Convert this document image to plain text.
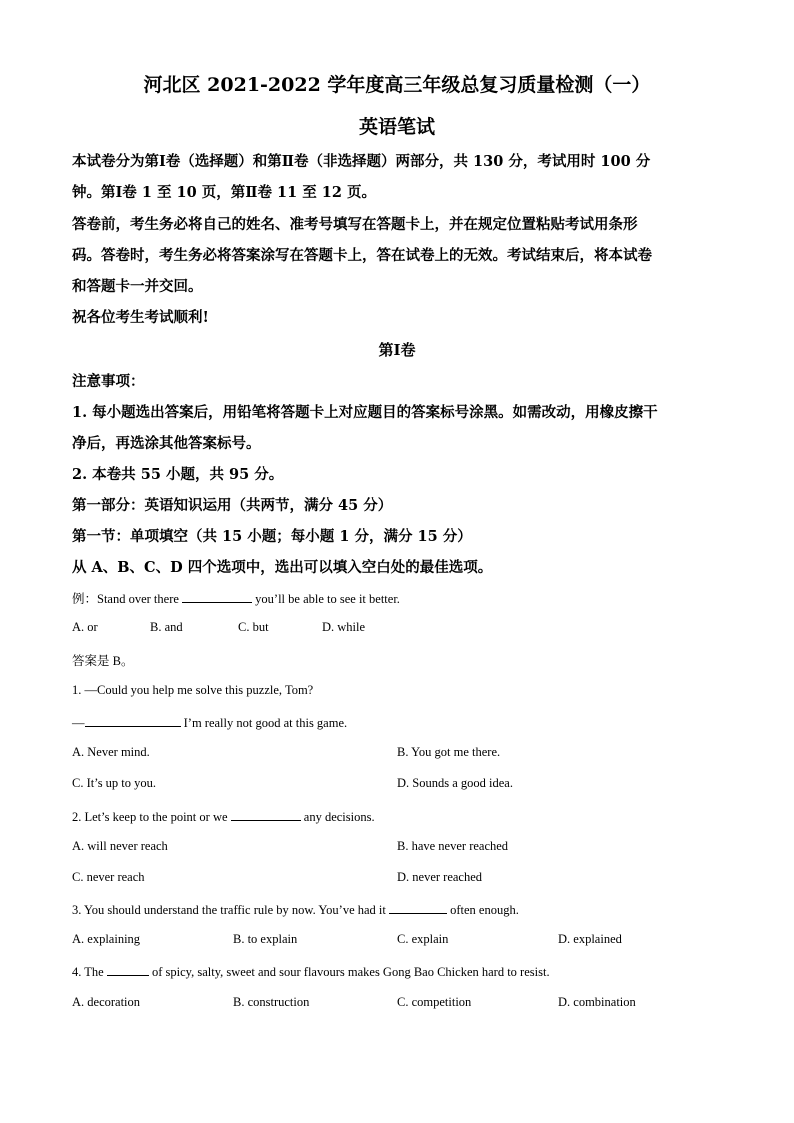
河北区 2021-2022 学年度高三年级总复习质量检测（一）
英语笔试
本试卷分为第Ⅰ卷（选择题）和第Ⅱ卷（非选择题）两部分，共 130 分，考试用时 100 分
钟。第Ⅰ卷 1 至 10 页，第Ⅱ卷 11 至 12 页。
答卷前，考生务必将自己的姓名、准考号填写在答题卡上，并在规定位置粘贴考试用条形
码。答卷时，考生务必将答案涂写在答题卡上，答在试卷上的无效。考试结束后，将本试卷
和答题卡一并交回。
祝各位考生考试顺利!
第Ⅰ卷
注意事项：
1. 每小题选出答案后，用铅笔将答题卡上对应题目的答案标号涂黑。如需改动，用橡皮擦干
净后，再选涂其他答案标号。
2. 本卷共 55 小题，共 95 分。
第一部分：英语知识运用（共两节，满分 45 分）
第一节：单项填空（共 15 小题；每小题 1 分，满分 15 分）
从 A、B、C、D 四个选项中，选出可以填入空白处的最佳选项。
例：Stand over there	you’ll be able to see it better.
A. or	B. and	C. but	D. while
答案是 B。
1. —Could you help me solve this puzzle, Tom?
—	I’m really not good at this game.
A. Never mind.	B. You got me there.
C. It’s up to you.	D. Sounds a good idea.
2. Let’s keep to the point or we	any decisions.
A. will never reach	B. have never reached
C. never reach	D. never reached
3. You should understand the traffic rule by now. You’ve had it	often enough.
A. explaining	B. to explain	C. explain	D. explained
4. The	of spicy, salty, sweet and sour flavours makes Gong Bao Chicken hard to resist.
A. decoration	B. construction	C. competition	D. combination
